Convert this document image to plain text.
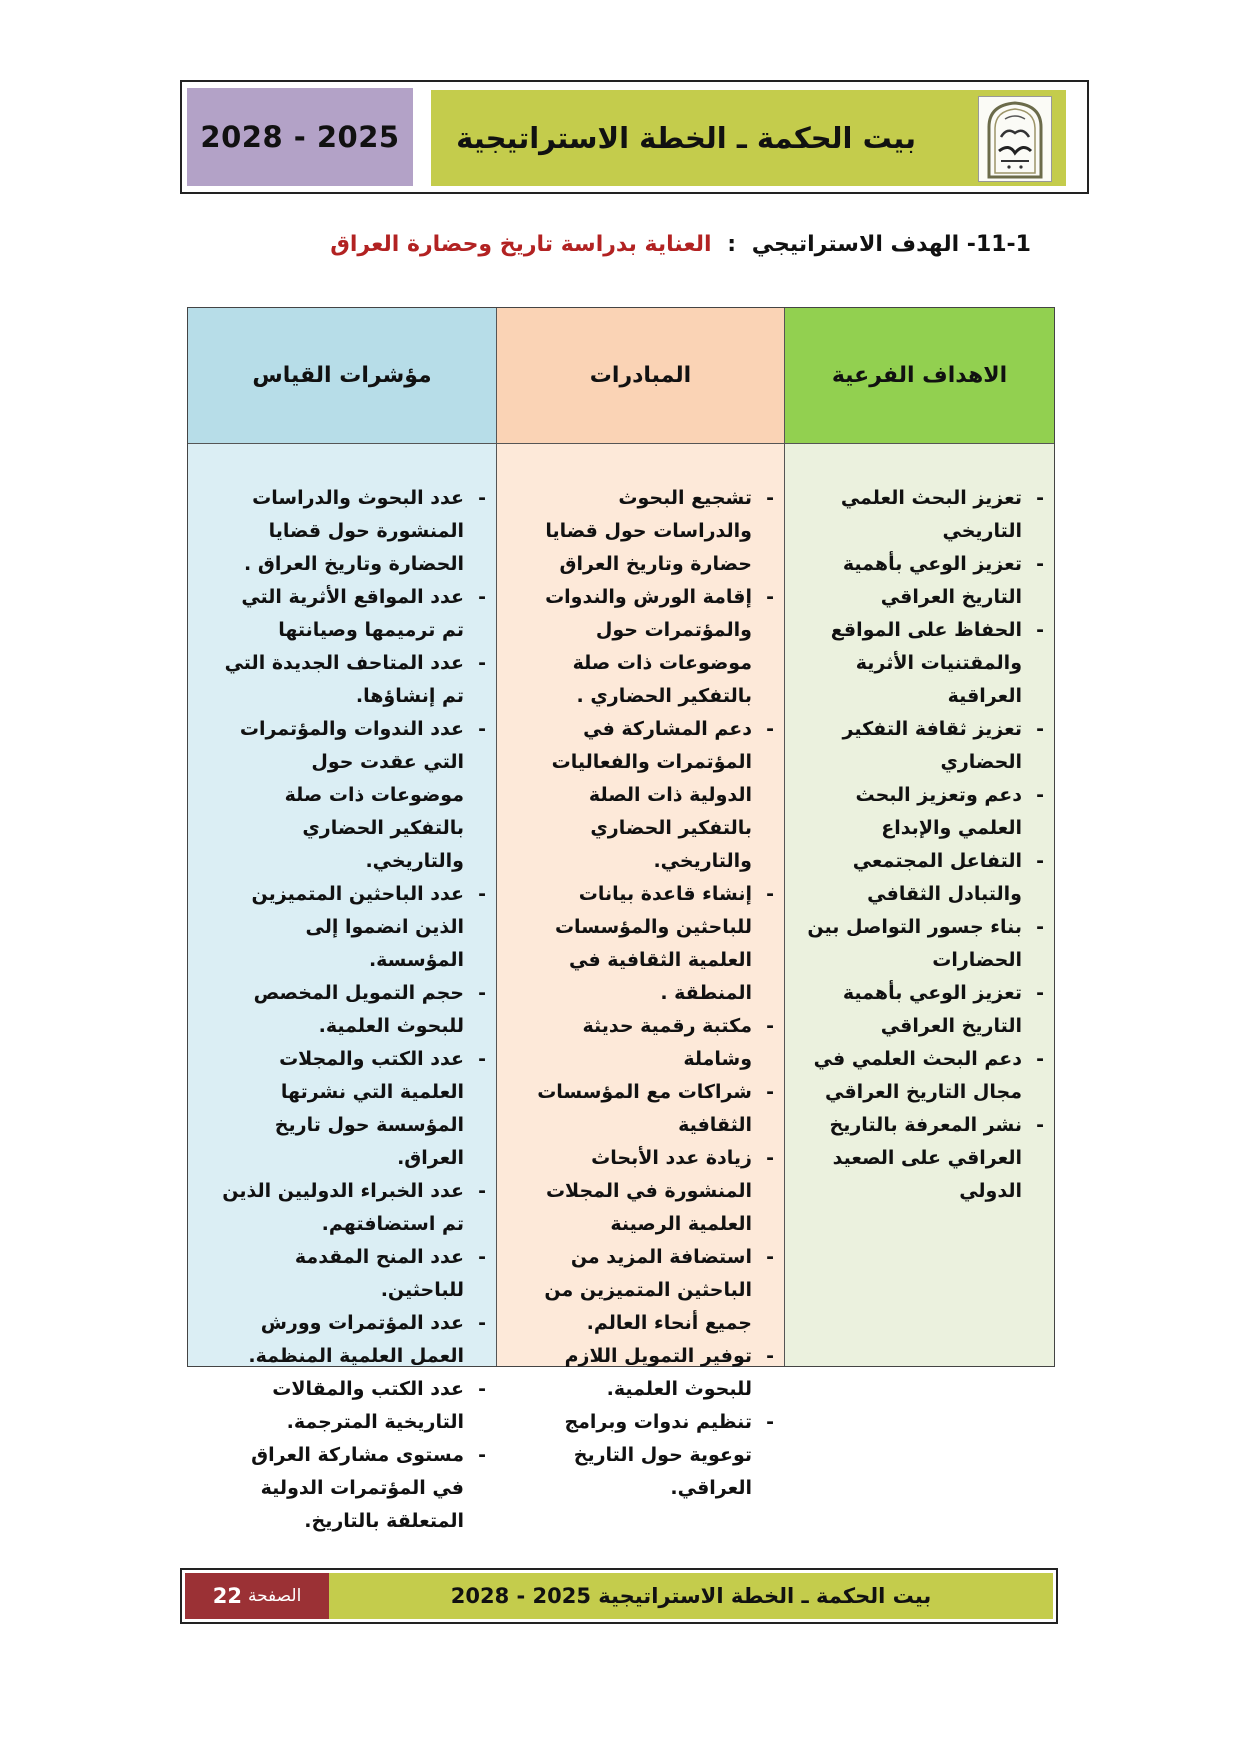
2028 - 2025	بيت الحكمة ـ الخطة الاستراتيجية
11-1- الهدف الاستراتيجي : العناية بدراسة تاريخ وحضارة العراق
مؤشرات القياس
-
عدد البحوث والدراسات المنشورة حول قضايا الحضارة وتاريخ العراق .
-
عدد المواقع الأثرية التي تم ترميمها وصيانتها
-
عدد المتاحف الجديدة التي تم إنشاؤها.
-
عدد الندوات والمؤتمرات التي عقدت حول موضوعات ذات صلة بالتفكير الحضاري والتاريخي.
-
عدد الباحثين المتميزين الذين انضموا إلى المؤسسة.
-
حجم التمويل المخصص للبحوث العلمية.
-
عدد الكتب والمجلات العلمية التي نشرتها المؤسسة حول تاريخ العراق.
-
عدد الخبراء الدوليين الذين تم استضافتهم.
-
عدد المنح المقدمة للباحثين.
-
عدد المؤتمرات وورش العمل العلمية المنظمة.
-
عدد الكتب والمقالات التاريخية المترجمة.
-
مستوى مشاركة العراق في المؤتمرات الدولية المتعلقة بالتاريخ.
المبادرات
-
تشجيع البحوث والدراسات حول قضايا حضارة وتاريخ العراق
-
إقامة الورش والندوات والمؤتمرات حول موضوعات ذات صلة بالتفكير الحضاري .
-
دعم المشاركة في المؤتمرات والفعاليات الدولية ذات الصلة بالتفكير الحضاري والتاريخي.
-
إنشاء قاعدة بيانات للباحثين والمؤسسات العلمية الثقافية في المنطقة .
-
مكتبة رقمية حديثة وشاملة
-
شراكات مع المؤسسات الثقافية
-
زيادة عدد الأبحاث المنشورة في المجلات العلمية الرصينة
-
استضافة المزيد من الباحثين المتميزين من جميع أنحاء العالم.
-
توفير التمويل اللازم للبحوث العلمية.
-
تنظيم ندوات وبرامج توعوية حول التاريخ العراقي.
الاهداف الفرعية
-
تعزيز البحث العلمي التاريخي
-
تعزيز الوعي بأهمية التاريخ العراقي
-
الحفاظ على المواقع والمقتنيات الأثرية العراقية
-
تعزيز ثقافة التفكير الحضاري
-
دعم وتعزيز البحث العلمي والإبداع
-
التفاعل المجتمعي والتبادل الثقافي
-
بناء جسور التواصل بين الحضارات
-
تعزيز الوعي بأهمية التاريخ العراقي
-
دعم البحث العلمي في مجال التاريخ العراقي
-
نشر المعرفة بالتاريخ العراقي على الصعيد الدولي
الصفحة
22	بيت الحكمة ـ الخطة الاستراتيجية 2025 - 2028
